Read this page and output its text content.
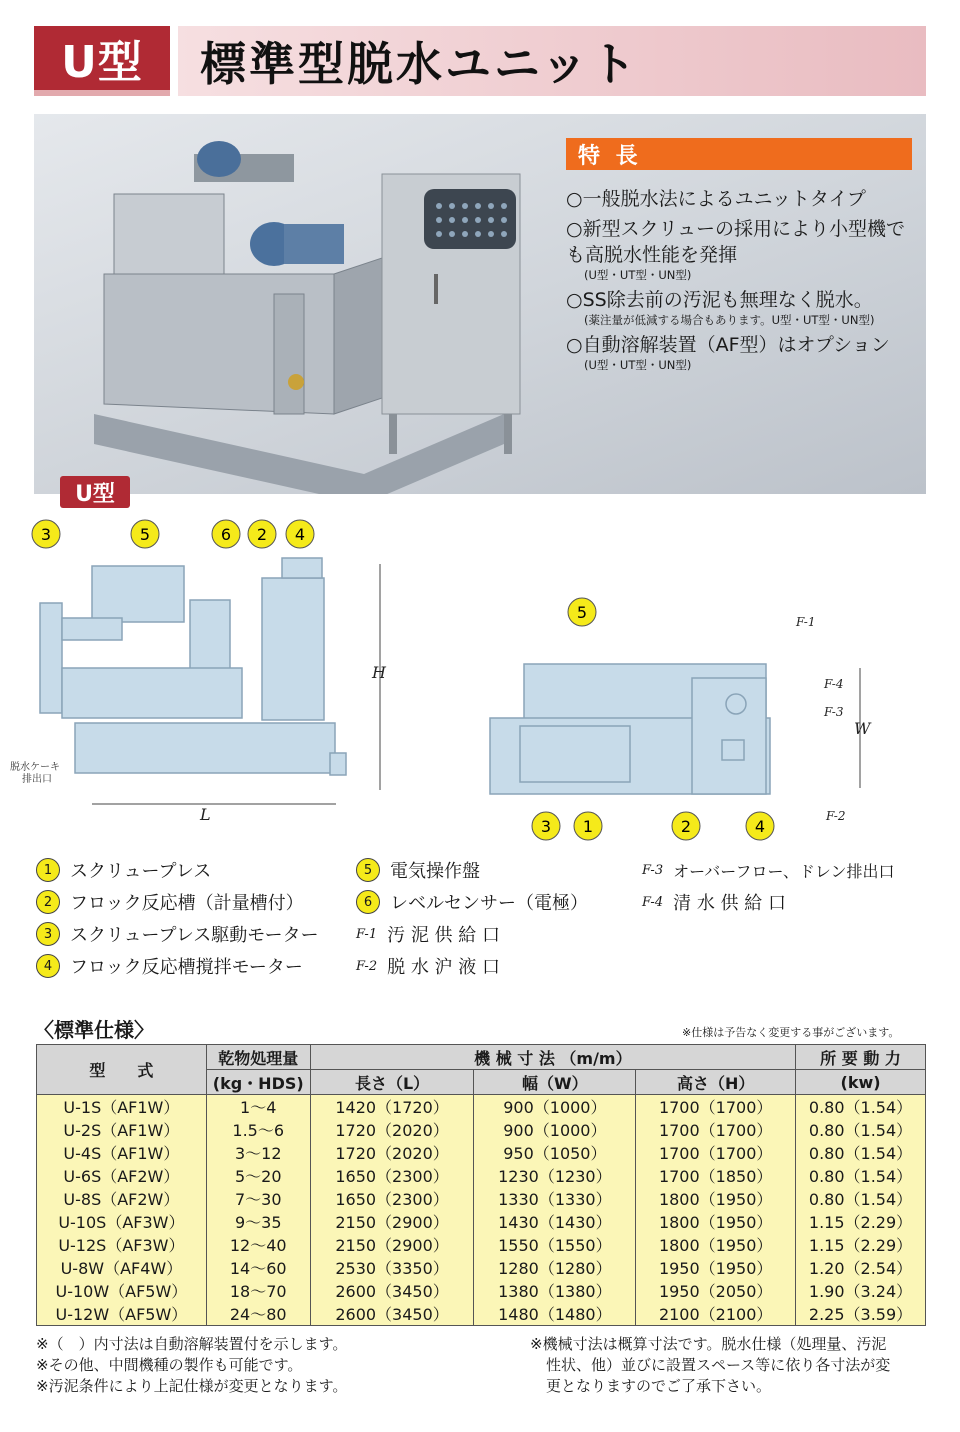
U型	標準型脱水ユニット
特 長
○一般脱水法によるユニットタイプ
○新型スクリューの採用により小型機でも高脱水性能を発揮
(U型・UT型・UN型)
○SS除去前の汚泥も無理なく脱水。
(薬注量が低減する場合もあります。U型・UT型・UN型)
○自動溶解装置（AF型）はオプション
(U型・UT型・UN型)
U型
H
L
W
F-1
F-2
F-3
F-4
脱水ケーキ排出口
3	5	6 2 4
5
3 1	2	4
1 スクリュープレス
2 フロック反応槽（計量槽付）
3 スクリュープレス駆動モーター
4 フロック反応槽撹拌モーター
5 電気操作盤
6 レベルセンサー（電極）
F-1 汚 泥 供 給 口
F-2 脱 水 沪 液 口
F-3 オーバーフロー、ドレン排出口
F-4 清 水 供 給 口
〈標準仕様〉	※仕様は予告なく変更する事がございます。
型　　式	乾物処理量	機 械 寸 法 （m/m）			所 要 動 力
	(kg・HDS)	長さ（L）	幅（W）	高さ（H）	(kw)
U-1S（AF1W）	1～4	1420（1720）	900（1000）	1700（1700）	0.80（1.54）
U-2S（AF1W）	1.5～6	1720（2020）	900（1000）	1700（1700）	0.80（1.54）
U-4S（AF1W）	3～12	1720（2020）	950（1050）	1700（1700）	0.80（1.54）
U-6S（AF2W）	5～20	1650（2300）	1230（1230）	1700（1850）	0.80（1.54）
U-8S（AF2W）	7～30	1650（2300）	1330（1330）	1800（1950）	0.80（1.54）
U-10S（AF3W）	9～35	2150（2900）	1430（1430）	1800（1950）	1.15（2.29）
U-12S（AF3W）	12～40	2150（2900）	1550（1550）	1800（1950）	1.15（2.29）
U-8W（AF4W）	14～60	2530（3350）	1280（1280）	1950（1950）	1.20（2.54）
U-10W（AF5W）	18～70	2600（3450）	1380（1380）	1950（2050）	1.90（3.24）
U-12W（AF5W）	24～80	2600（3450）	1480（1480）	2100（2100）	2.25（3.59）
※（　）内寸法は自動溶解装置付を示します。
※その他、中間機種の製作も可能です。
※汚泥条件により上記仕様が変更となります。
※機械寸法は概算寸法です。脱水仕様（処理量、汚泥
性状、他）並びに設置スペース等に依り各寸法が変
更となりますのでご了承下さい。
